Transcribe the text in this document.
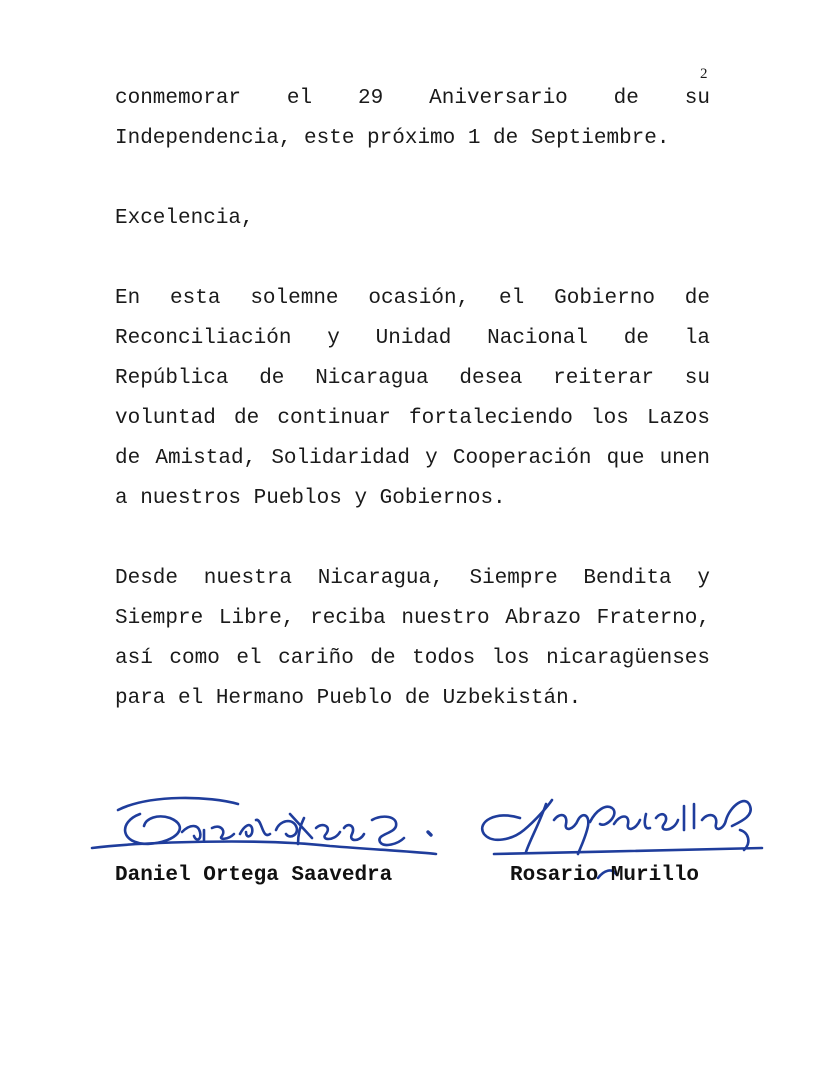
2

conmemorar el 29 Aniversario de su Independencia, este próximo 1 de Septiembre.

Excelencia,

En esta solemne ocasión, el Gobierno de Reconciliación y Unidad Nacional de la República de Nicaragua desea reiterar su voluntad de continuar fortaleciendo los Lazos de Amistad, Solidaridad y Cooperación que unen a nuestros Pueblos y Gobiernos.

Desde nuestra Nicaragua, Siempre Bendita y Siempre Libre, reciba nuestro Abrazo Fraterno, así como el cariño de todos los nicaragüenses para el Hermano Pueblo de Uzbekistán.

Daniel Ortega Saavedra	Rosario Murillo
